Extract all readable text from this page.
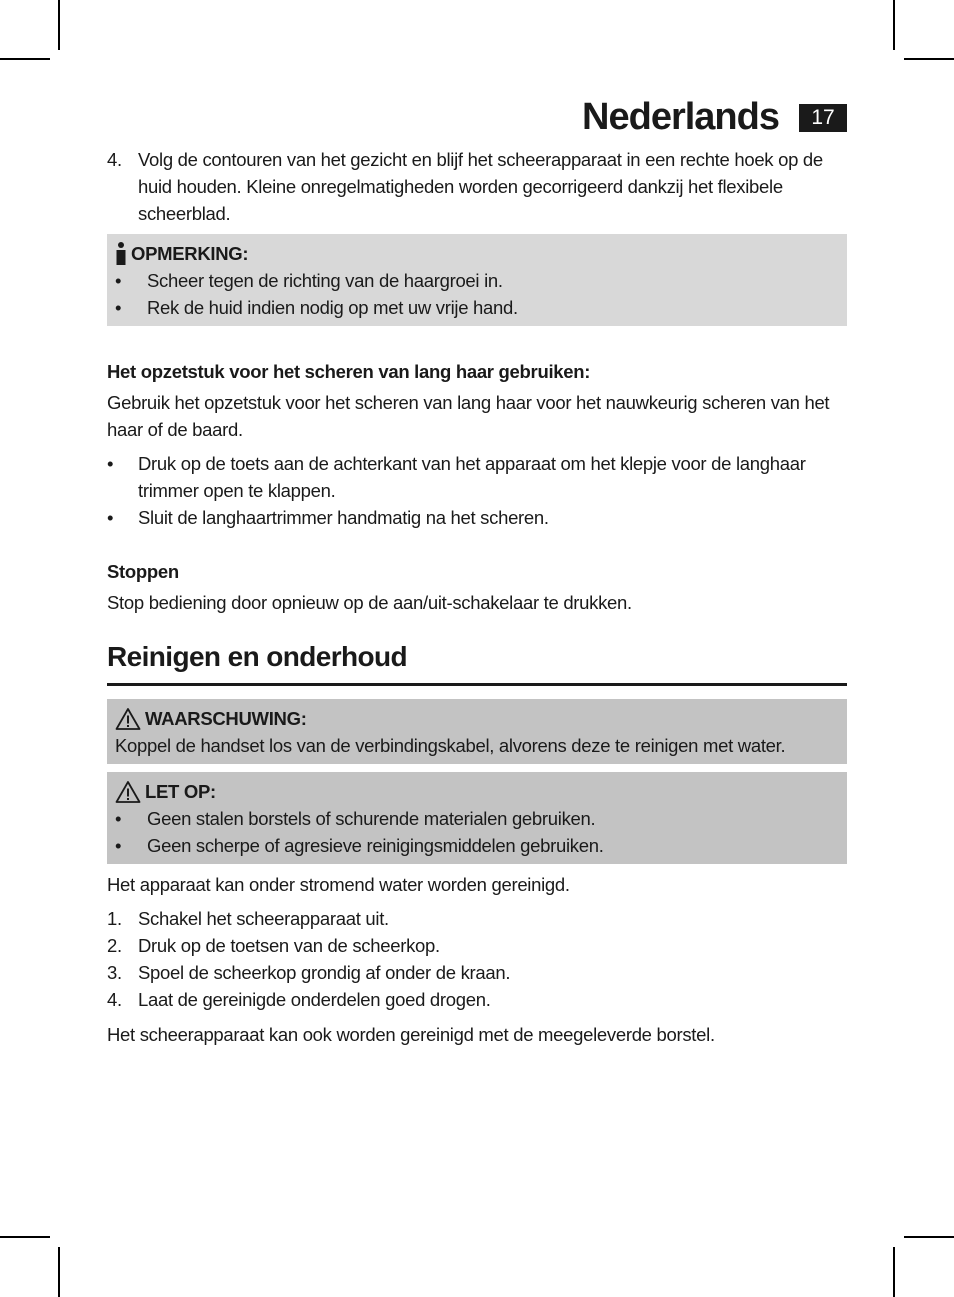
Nederlands	17
4. Volg de contouren van het gezicht en blijf het scheerapparaat in een rechte hoek op de huid houden. Kleine onregelmatigheden worden gecorrigeerd dankzij het flexibele scheerblad.
OPMERKING:
•	Scheer tegen de richting van de haargroei in.
•	Rek de huid indien nodig op met uw vrije hand.
Het opzetstuk voor het scheren van lang haar gebruiken:
Gebruik het opzetstuk voor het scheren van lang haar voor het nauwkeurig scheren van het haar of de baard.
•	Druk op de toets aan de achterkant van het apparaat om het klepje voor de langhaar trimmer open te klappen.
•	Sluit de langhaartrimmer handmatig na het scheren.
Stoppen
Stop bediening door opnieuw op de aan/uit-schakelaar te drukken.
Reinigen en onderhoud
WAARSCHUWING:
Koppel de handset los van de verbindingskabel, alvorens deze te reinigen met water.
LET OP:
•	Geen stalen borstels of schurende materialen gebruiken.
•	Geen scherpe of agresieve reinigingsmiddelen gebruiken.
Het apparaat kan onder stromend water worden gereinigd.
1. Schakel het scheerapparaat uit.
2. Druk op de toetsen van de scheerkop.
3. Spoel de scheerkop grondig af onder de kraan.
4. Laat de gereinigde onderdelen goed drogen.
Het scheerapparaat kan ook worden gereinigd met de meegeleverde borstel.
